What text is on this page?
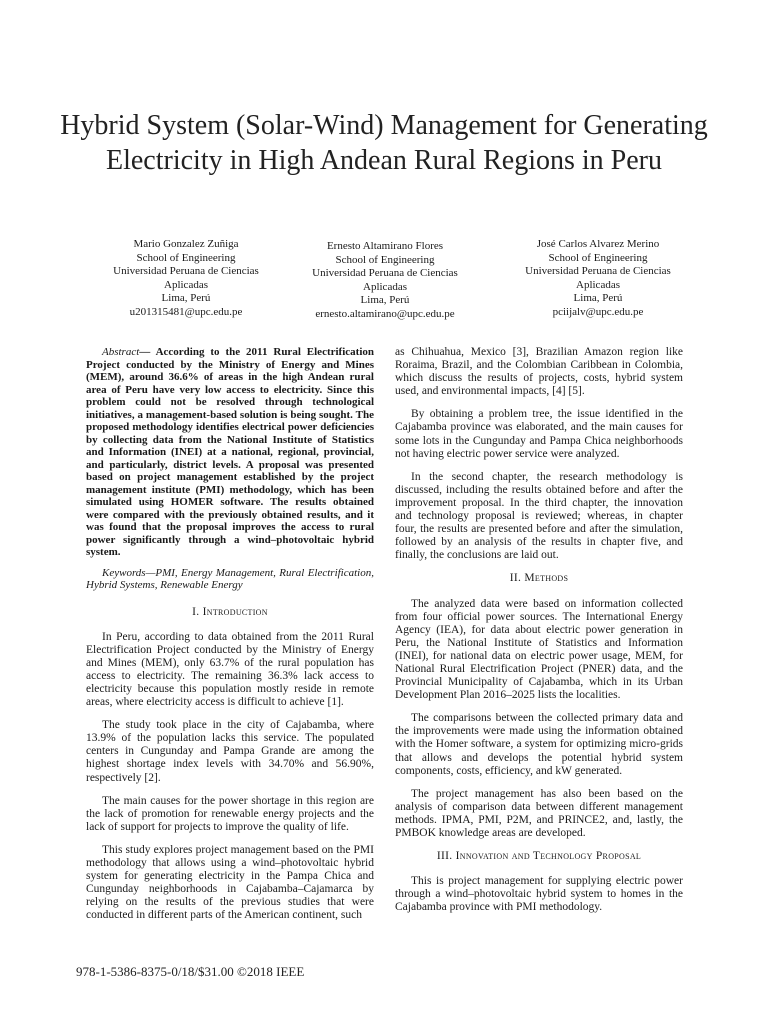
Hybrid System (Solar-Wind) Management for Generating Electricity in High Andean Rural Regions in Peru
Mario Gonzalez Zuñiga
School of Engineering
Universidad Peruana de Ciencias
Aplicadas
Lima, Perú
u201315481@upc.edu.pe
Ernesto Altamirano Flores
School of Engineering
Universidad Peruana de Ciencias
Aplicadas
Lima, Perú
ernesto.altamirano@upc.edu.pe
José Carlos Alvarez Merino
School of Engineering
Universidad Peruana de Ciencias
Aplicadas
Lima, Perú
pciijalv@upc.edu.pe

Abstract— According to the 2011 Rural Electrification Project conducted by the Ministry of Energy and Mines (MEM), around 36.6% of areas in the high Andean rural area of Peru have very low access to electricity. Since this problem could not be resolved through technological initiatives, a management-based solution is being sought. The proposed methodology identifies electrical power deficiencies by collecting data from the National Institute of Statistics and Information (INEI) at a national, regional, provincial, and particularly, district levels. A proposal was presented based on project management established by the project management institute (PMI) methodology, which has been simulated using HOMER software. The results obtained were compared with the previously obtained results, and it was found that the proposal improves the access to rural power significantly through a wind–photovoltaic hybrid system.

Keywords—PMI, Energy Management, Rural Electrification, Hybrid Systems, Renewable Energy

I. Introduction

In Peru, according to data obtained from the 2011 Rural Electrification Project conducted by the Ministry of Energy and Mines (MEM), only 63.7% of the rural population has access to electricity. The remaining 36.3% lack access to electricity because this population mostly reside in remote areas, where electricity access is difficult to achieve [1].

The study took place in the city of Cajabamba, where 13.9% of the population lacks this service. The populated centers in Cungunday and Pampa Grande are among the highest shortage index levels with 34.70% and 56.90%, respectively [2].

The main causes for the power shortage in this region are the lack of promotion for renewable energy projects and the lack of support for projects to improve the quality of life.

This study explores project management based on the PMI methodology that allows using a wind–photovoltaic hybrid system for generating electricity in the Pampa Chica and Cungunday neighborhoods in Cajabamba–Cajamarca by relying on the results of the previous studies that were conducted in different parts of the American continent, such

as Chihuahua, Mexico [3], Brazilian Amazon region like Roraima, Brazil, and the Colombian Caribbean in Colombia, which discuss the results of projects, costs, hybrid system used, and environmental impacts, [4] [5].

By obtaining a problem tree, the issue identified in the Cajabamba province was elaborated, and the main causes for some lots in the Cungunday and Pampa Chica neighborhoods not having electric power service were analyzed.

In the second chapter, the research methodology is discussed, including the results obtained before and after the improvement proposal. In the third chapter, the innovation and technology proposal is reviewed; whereas, in chapter four, the results are presented before and after the simulation, followed by an analysis of the results in chapter five, and finally, the conclusions are laid out.

II. Methods

The analyzed data were based on information collected from four official power sources. The International Energy Agency (IEA), for data about electric power generation in Peru, the National Institute of Statistics and Information (INEI), for national data on electric power usage, MEM, for National Rural Electrification Project (PNER) data, and the Provincial Municipality of Cajabamba, which in its Urban Development Plan 2016–2025 lists the localities.

The comparisons between the collected primary data and the improvements were made using the information obtained with the Homer software, a system for optimizing micro-grids that allows and develops the potential hybrid system components, costs, efficiency, and kW generated.

The project management has also been based on the analysis of comparison data between different management methods. IPMA, PMI, P2M, and PRINCE2, and, lastly, the PMBOK knowledge areas are developed.

III. Innovation and Technology Proposal

This is project management for supplying electric power through a wind–photovoltaic hybrid system to homes in the Cajabamba province with PMI methodology.

978-1-5386-8375-0/18/$31.00 ©2018 IEEE
